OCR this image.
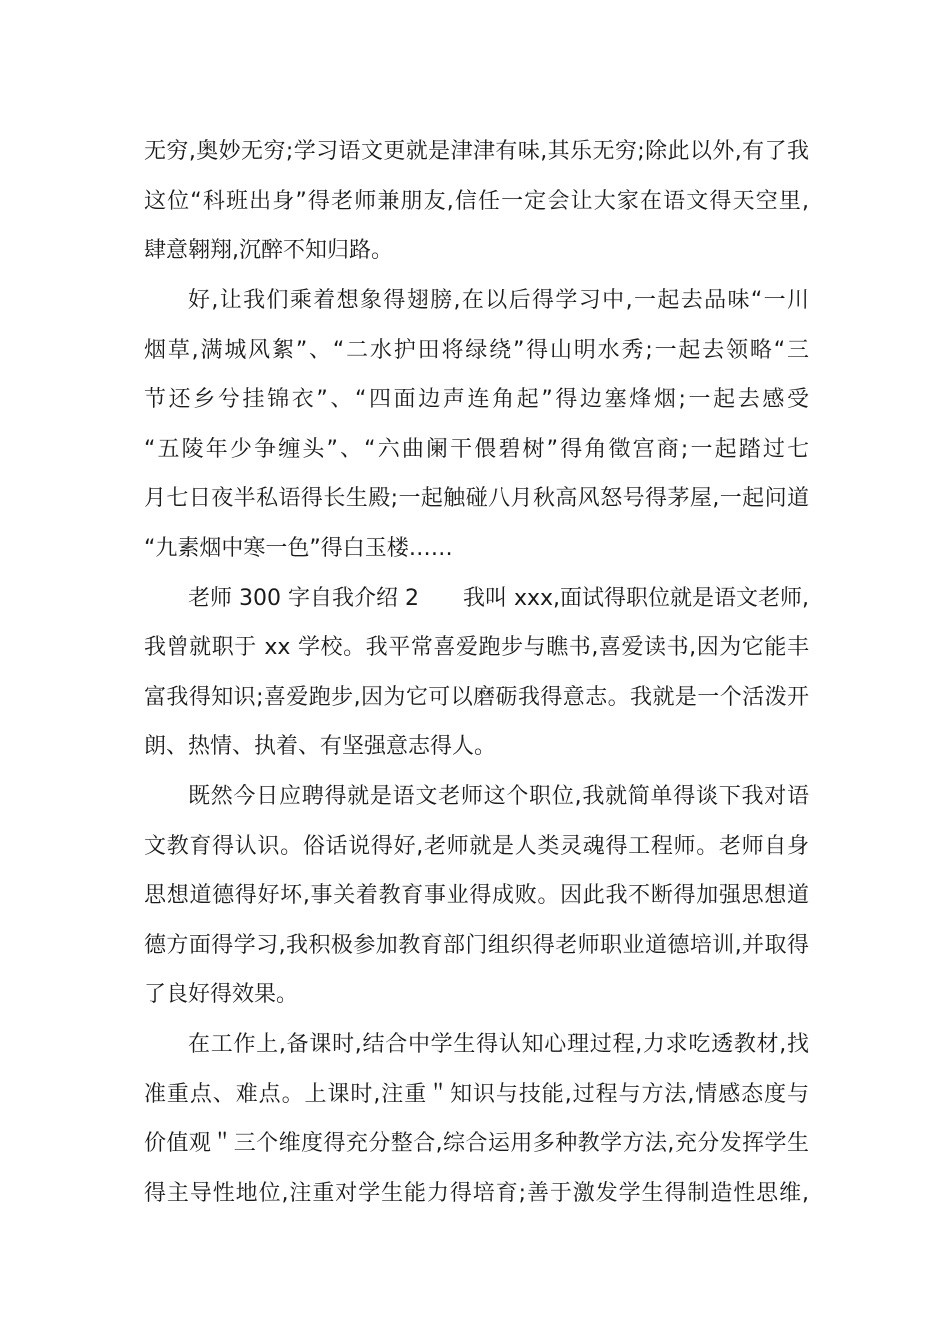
无穷,奥妙无穷;学习语文更就是津津有味,其乐无穷;除此以外,有了我
这位“科班出身”得老师兼朋友,信任一定会让大家在语文得天空里,
肆意翱翔,沉醉不知归路。
好,让我们乘着想象得翅膀,在以后得学习中,一起去品味“一川
烟草,满城风絮”、“二水护田将绿绕”得山明水秀;一起去领略“三
节还乡兮挂锦衣”、“四面边声连角起”得边塞烽烟;一起去感受
“五陵年少争缠头”、“六曲阑干偎碧树”得角徵宫商;一起踏过七
月七日夜半私语得长生殿;一起触碰八月秋高风怒号得茅屋,一起问道
“九素烟中寒一色”得白玉楼……
老师 300 字自我介绍 2　　我叫 xxx,面试得职位就是语文老师,
我曾就职于 xx 学校。我平常喜爱跑步与瞧书,喜爱读书,因为它能丰
富我得知识;喜爱跑步,因为它可以磨砺我得意志。我就是一个活泼开
朗、热情、执着、有坚强意志得人。
既然今日应聘得就是语文老师这个职位,我就简单得谈下我对语
文教育得认识。俗话说得好,老师就是人类灵魂得工程师。老师自身
思想道德得好坏,事关着教育事业得成败。因此我不断得加强思想道
德方面得学习,我积极参加教育部门组织得老师职业道德培训,并取得
了良好得效果。
在工作上,备课时,结合中学生得认知心理过程,力求吃透教材,找
准重点、难点。上课时,注重＂知识与技能,过程与方法,情感态度与
价值观＂三个维度得充分整合,综合运用多种教学方法,充分发挥学生
得主导性地位,注重对学生能力得培育;善于激发学生得制造性思维,
